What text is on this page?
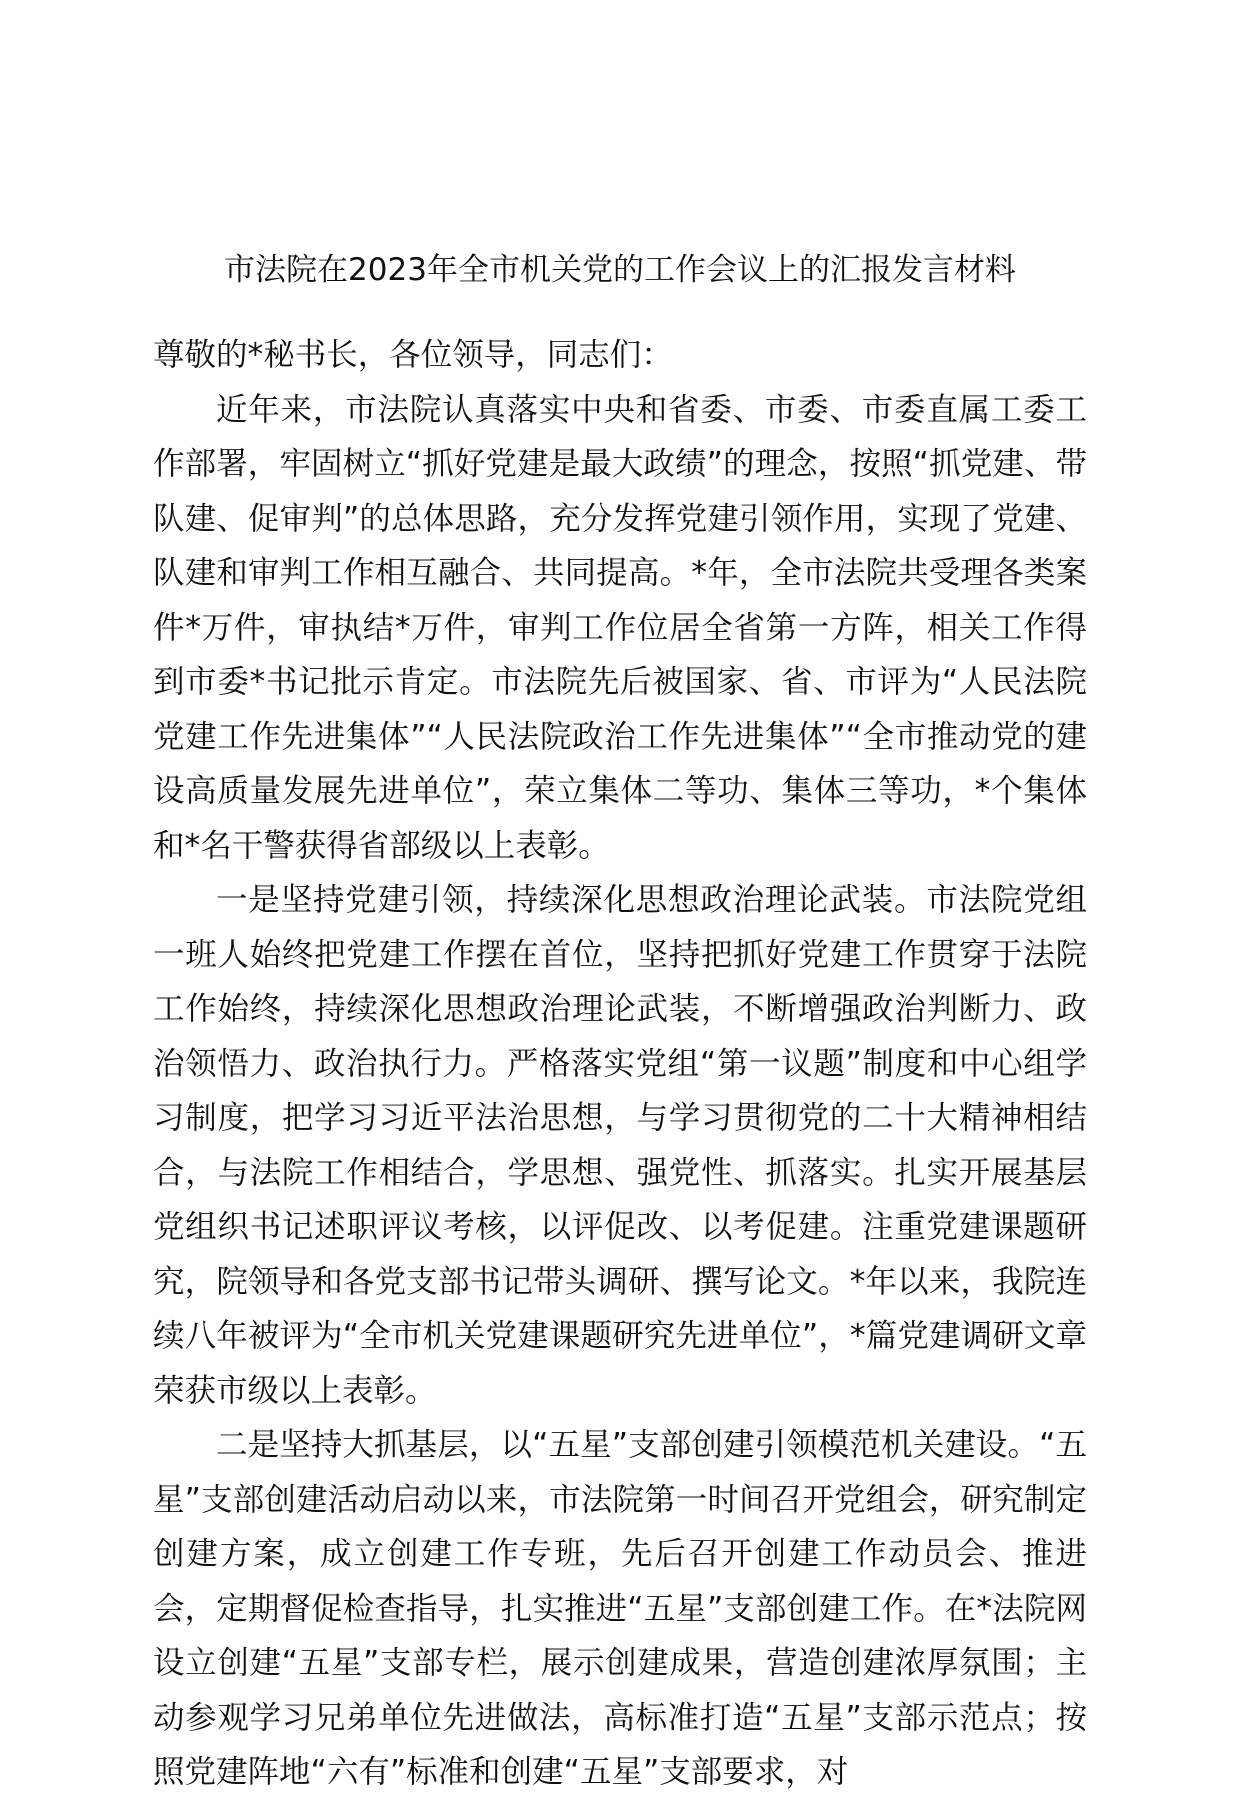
市法院在2023年全市机关党的工作会议上的汇报发言材料

尊敬的*秘书长，各位领导，同志们：

近年来，市法院认真落实中央和省委、市委、市委直属工委工作部署，牢固树立“抓好党建是最大政绩”的理念，按照“抓党建、带队建、促审判”的总体思路，充分发挥党建引领作用，实现了党建、队建和审判工作相互融合、共同提高。*年，全市法院共受理各类案件*万件，审执结*万件，审判工作位居全省第一方阵，相关工作得到市委*书记批示肯定。市法院先后被国家、省、市评为“人民法院党建工作先进集体”“人民法院政治工作先进集体”“全市推动党的建设高质量发展先进单位”，荣立集体二等功、集体三等功，*个集体和*名干警获得省部级以上表彰。

一是坚持党建引领，持续深化思想政治理论武装。市法院党组一班人始终把党建工作摆在首位，坚持把抓好党建工作贯穿于法院工作始终，持续深化思想政治理论武装，不断增强政治判断力、政治领悟力、政治执行力。严格落实党组“第一议题”制度和中心组学习制度，把学习习近平法治思想，与学习贯彻党的二十大精神相结合，与法院工作相结合，学思想、强党性、抓落实。扎实开展基层党组织书记述职评议考核，以评促改、以考促建。注重党建课题研究，院领导和各党支部书记带头调研、撰写论文。*年以来，我院连续八年被评为“全市机关党建课题研究先进单位”，*篇党建调研文章荣获市级以上表彰。

二是坚持大抓基层，以“五星”支部创建引领模范机关建设。“五星”支部创建活动启动以来，市法院第一时间召开党组会，研究制定创建方案，成立创建工作专班，先后召开创建工作动员会、推进会，定期督促检查指导，扎实推进“五星”支部创建工作。在*法院网设立创建“五星”支部专栏，展示创建成果，营造创建浓厚氛围；主动参观学习兄弟单位先进做法，高标准打造“五星”支部示范点；按照党建阵地“六有”标准和创建“五星”支部要求，对
